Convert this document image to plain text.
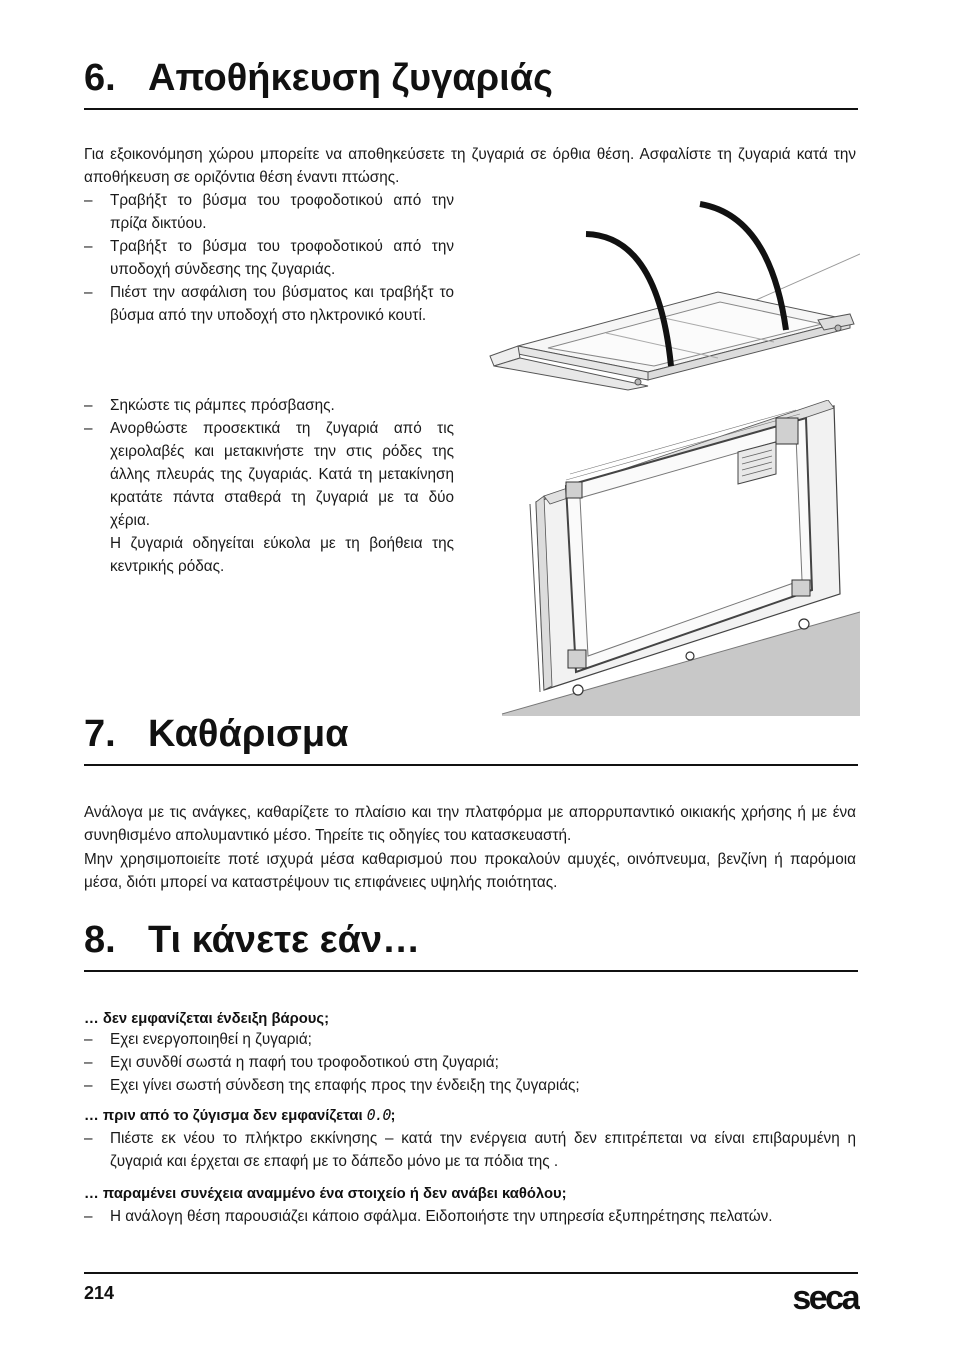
6. Αποθήκευση ζυγαριάς

Για εξοικονόμηση χώρου μπορείτε να αποθηκεύσετε τη ζυγαριά σε όρθια θέση. Ασφαλίστε τη ζυγαριά κατά την αποθήκευση σε οριζόντια θέση έναντι πτώσης.

–	Τραβήξτ το βύσμα του τροφοδοτικού από την πρίζα δικτύου.
–	Τραβήξτ το βύσμα του τροφοδοτικού από την υποδοχή σύνδεσης της ζυγαριάς.
–	Πιέστ την ασφάλιση του βύσματος και τραβήξτ το βύσμα από την υποδοχή στο ηλκτρονικό κουτί.
–	Σηκώστε τις ράμπες πρόσβασης.
–	Ανορθώστε προσεκτικά τη ζυγαριά από τις χειρολαβές και μετακινήστε την στις ρόδες της άλλης πλευράς της ζυγαριάς. Κατά τη μετακίνηση κρατάτε πάντα σταθερά τη ζυγαριά με τα δύο χέρια.
Η ζυγαριά οδηγείται εύκολα με τη βοήθεια της κεντρικής ρόδας.
7. Καθάρισμα

Ανάλογα με τις ανάγκες, καθαρίζετε το πλαίσιο και την πλατφόρμα με απορρυπαντικό οικιακής χρήσης ή με ένα συνηθισμένο απολυμαντικό μέσο. Τηρείτε τις οδηγίες του κατασκευαστή.

Μην χρησιμοποιείτε ποτέ ισχυρά μέσα καθαρισμού που προκαλούν αμυχές, οινόπνευμα, βενζίνη ή παρόμοια μέσα, διότι μπορεί να καταστρέψουν τις επιφάνειες υψηλής ποιότητας.

8. Τι κάνετε εάν…
… δεν εμφανίζεται ένδειξη βάρους;
–	Εχει ενεργοποιηθεί η ζυγαριά;
–	Εχι συνδθί σωστά η παφή του τροφοδοτικού στη ζυγαριά;
–	Εχει γίνει σωστή σύνδεση της επαφής προς την ένδειξη της ζυγαριάς;
… πριν από το ζύγισμα δεν εμφανίζεται 0.0;
–	Πιέστε εκ νέου το πλήκτρο εκκίνησης – κατά την ενέργεια αυτή δεν επιτρέπεται να είναι επιβαρυμένη η ζυγαριά και έρχεται σε επαφή με το δάπεδο μόνο με τα πόδια της .
… παραμένει συνέχεια αναμμένο ένα στοιχείο ή δεν ανάβει καθόλου;
–	Η ανάλογη θέση παρουσιάζει κάποιο σφάλμα. Ειδοποιήστε την υπηρεσία εξυπηρέτησης πελατών.
214	seca
